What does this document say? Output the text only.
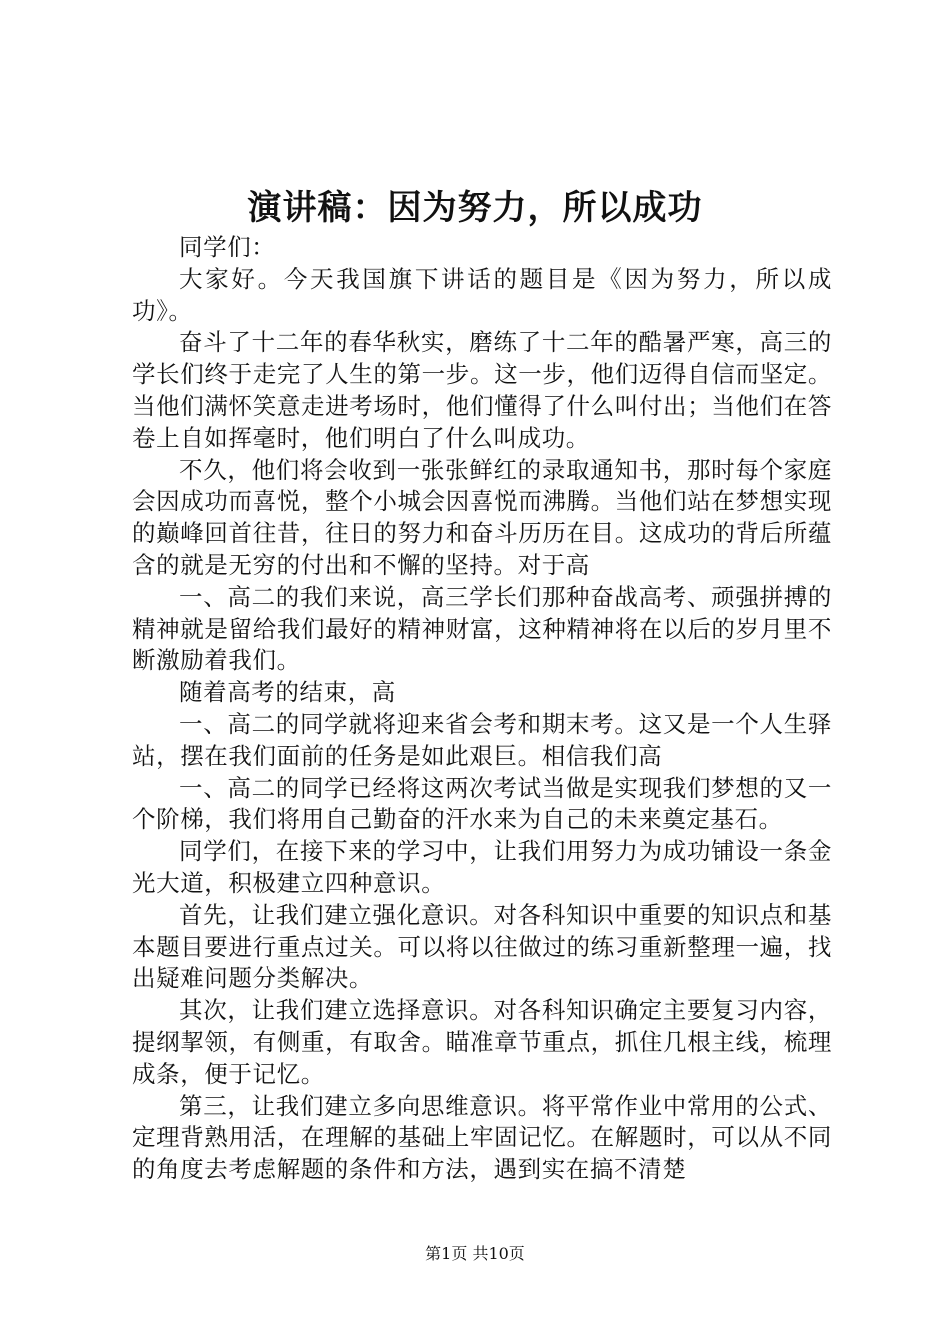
演讲稿：因为努力，所以成功

同学们：

大家好。今天我国旗下讲话的题目是《因为努力，所以成功》。

奋斗了十二年的春华秋实，磨练了十二年的酷暑严寒，高三的学长们终于走完了人生的第一步。这一步，他们迈得自信而坚定。当他们满怀笑意走进考场时，他们懂得了什么叫付出；当他们在答卷上自如挥毫时，他们明白了什么叫成功。

不久，他们将会收到一张张鲜红的录取通知书，那时每个家庭会因成功而喜悦，整个小城会因喜悦而沸腾。当他们站在梦想实现的巅峰回首往昔，往日的努力和奋斗历历在目。这成功的背后所蕴含的就是无穷的付出和不懈的坚持。对于高

一、高二的我们来说，高三学长们那种奋战高考、顽强拼搏的精神就是留给我们最好的精神财富，这种精神将在以后的岁月里不断激励着我们。

随着高考的结束，高

一、高二的同学就将迎来省会考和期末考。这又是一个人生驿站，摆在我们面前的任务是如此艰巨。相信我们高

一、高二的同学已经将这两次考试当做是实现我们梦想的又一个阶梯，我们将用自己勤奋的汗水来为自己的未来奠定基石。

同学们，在接下来的学习中，让我们用努力为成功铺设一条金光大道，积极建立四种意识。

首先，让我们建立强化意识。对各科知识中重要的知识点和基本题目要进行重点过关。可以将以往做过的练习重新整理一遍，找出疑难问题分类解决。

其次，让我们建立选择意识。对各科知识确定主要复习内容，提纲挈领，有侧重，有取舍。瞄准章节重点，抓住几根主线，梳理成条，便于记忆。

第三，让我们建立多向思维意识。将平常作业中常用的公式、定理背熟用活，在理解的基础上牢固记忆。在解题时，可以从不同的角度去考虑解题的条件和方法，遇到实在搞不清楚

第1页 共10页
